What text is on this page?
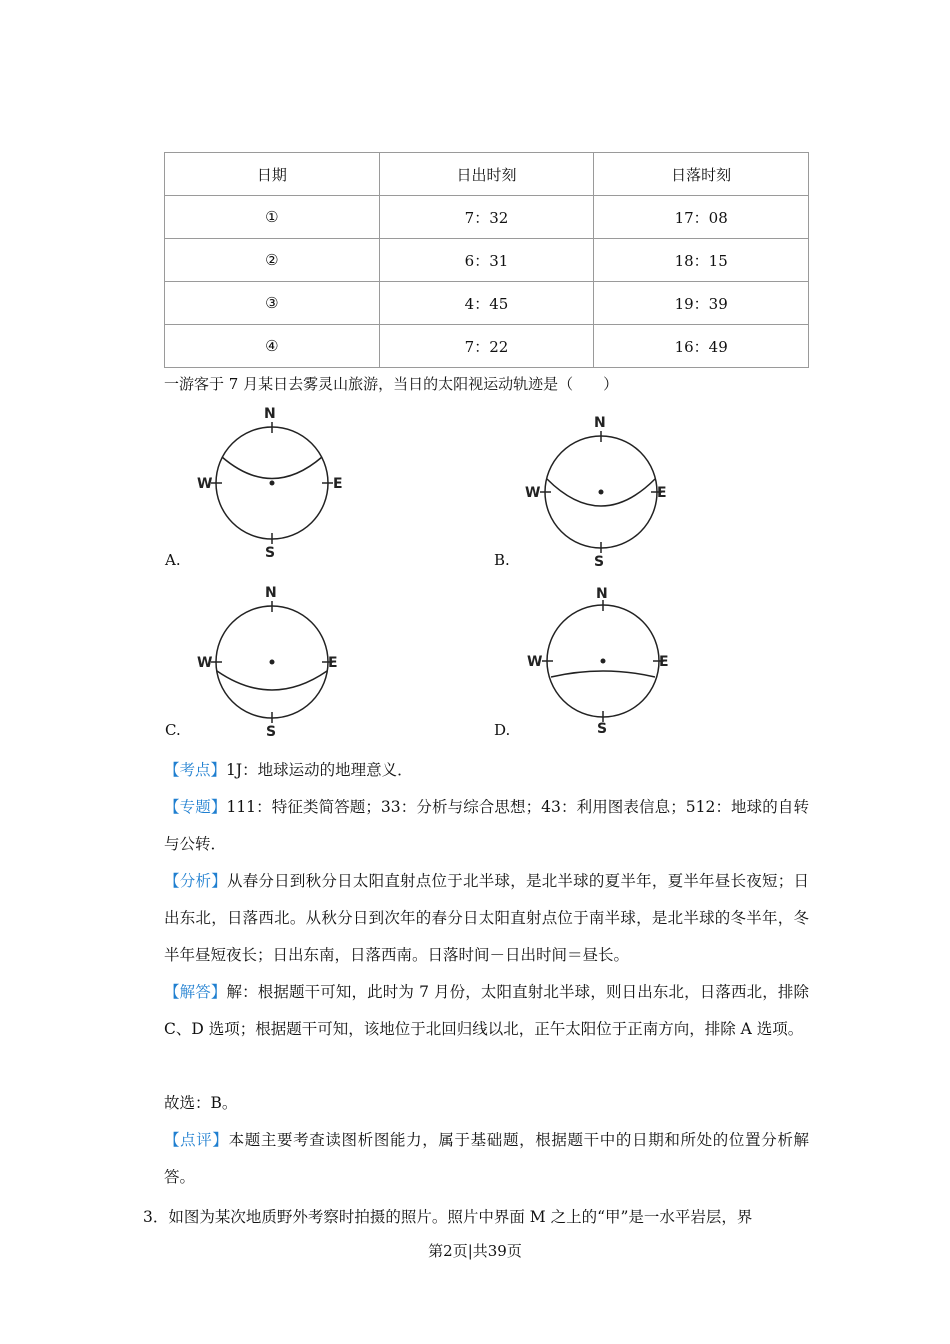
日期	日出时刻	日落时刻
①	7：32	17：08
②	6：31	18：15
③	4：45	19：39
④	7：22	16：49
一游客于 7 月某日去雾灵山旅游，当日的太阳视运动轨迹是（　　）
N
S
W	E
A.
N
S
W	E
B.
N
S
W	E
C.
N
S
W	E
D.
【考点】1J：地球运动的地理意义．
【专题】111：特征类简答题；33：分析与综合思想；43：利用图表信息；512：地球的自转与公转．
【分析】从春分日到秋分日太阳直射点位于北半球，是北半球的夏半年，夏半年昼长夜短；日出东北，日落西北。从秋分日到次年的春分日太阳直射点位于南半球，是北半球的冬半年，冬半年昼短夜长；日出东南，日落西南。日落时间－日出时间＝昼长。
【解答】解：根据题干可知，此时为 7 月份，太阳直射北半球，则日出东北，日落西北，排除 C、D 选项；根据题干可知，该地位于北回归线以北，正午太阳位于正南方向，排除 A 选项。
故选：B。
【点评】本题主要考查读图析图能力，属于基础题，根据题干中的日期和所处的位置分析解答。
3．如图为某次地质野外考察时拍摄的照片。照片中界面 M 之上的“甲”是一水平岩层，界
第2页|共39页
